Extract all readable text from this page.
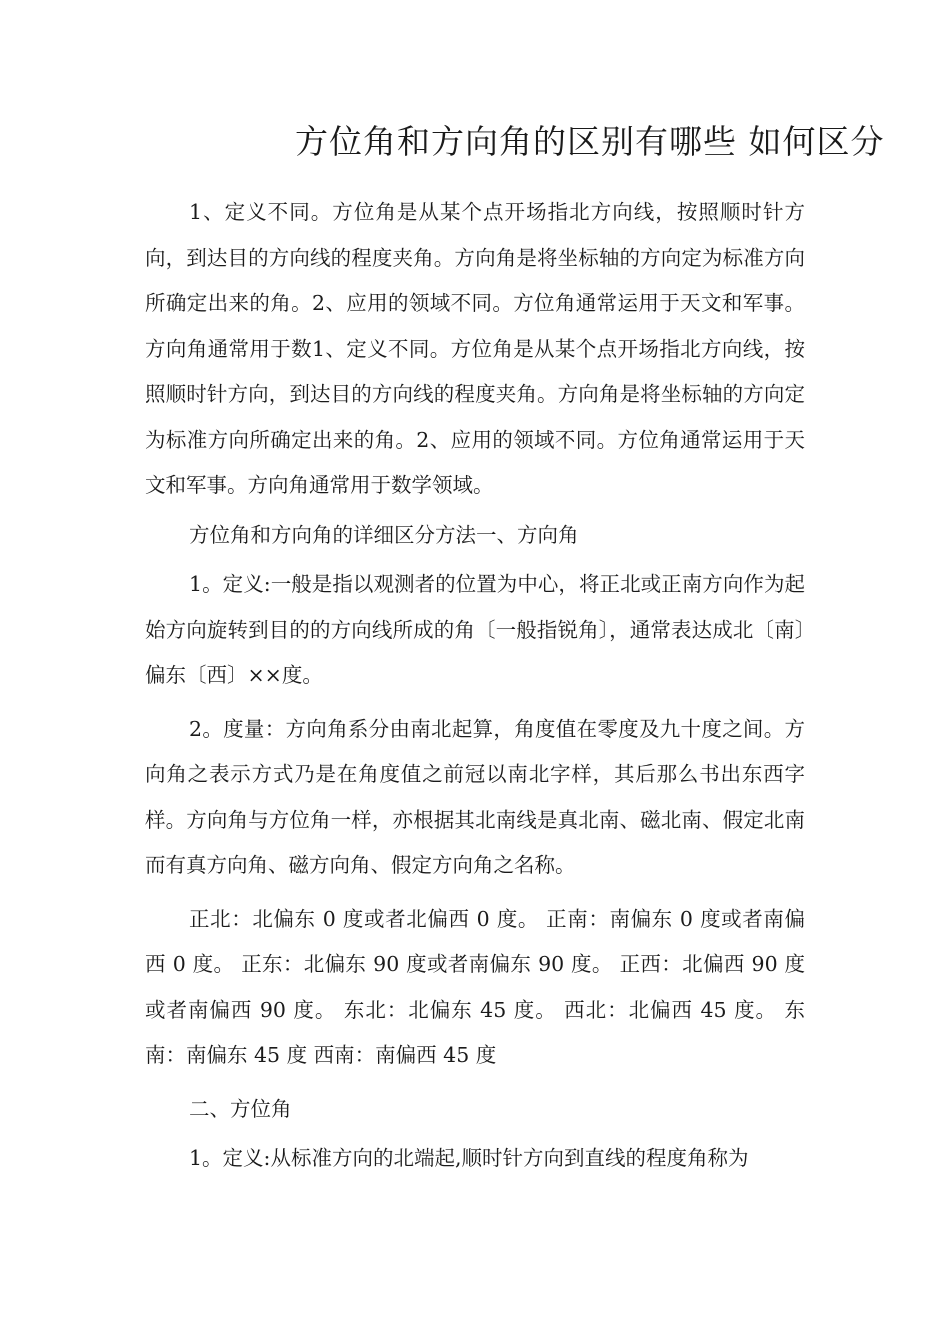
方位角和方向角的区别有哪些 如何区分

1、定义不同。方位角是从某个点开场指北方向线，按照顺时针方向，到达目的方向线的程度夹角。方向角是将坐标轴的方向定为标准方向所确定出来的角。2、应用的领域不同。方位角通常运用于天文和军事。方向角通常用于数1、定义不同。方位角是从某个点开场指北方向线，按照顺时针方向，到达目的方向线的程度夹角。方向角是将坐标轴的方向定为标准方向所确定出来的角。2、应用的领域不同。方位角通常运用于天文和军事。方向角通常用于数学领域。

方位角和方向角的详细区分方法一、方向角

1。定义:一般是指以观测者的位置为中心，将正北或正南方向作为起始方向旋转到目的的方向线所成的角〔一般指锐角〕，通常表达成北〔南〕偏东〔西〕××度。

2。度量：方向角系分由南北起算，角度值在零度及九十度之间。方向角之表示方式乃是在角度值之前冠以南北字样，其后那么书出东西字样。方向角与方位角一样，亦根据其北南线是真北南、磁北南、假定北南而有真方向角、磁方向角、假定方向角之名称。

正北：北偏东 0 度或者北偏西 0 度。 正南：南偏东 0 度或者南偏西 0 度。 正东：北偏东 90 度或者南偏东 90 度。 正西：北偏西 90 度或者南偏西 90 度。 东北：北偏东 45 度。 西北：北偏西 45 度。 东南：南偏东 45 度 西南：南偏西 45 度

二、方位角

1。定义:从标准方向的北端起,顺时针方向到直线的程度角称为
